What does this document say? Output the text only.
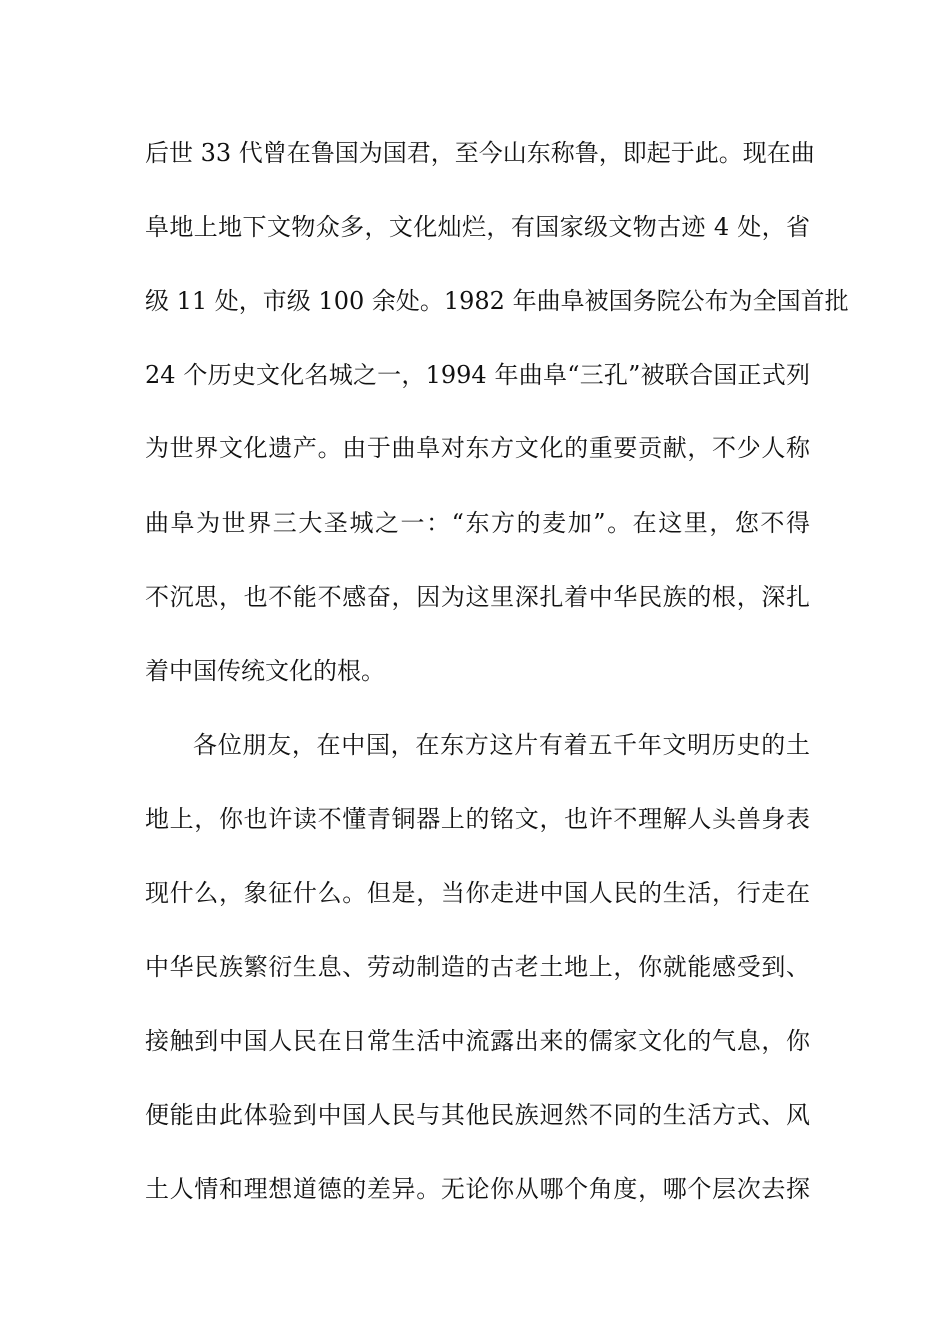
后世 33 代曾在鲁国为国君，至今山东称鲁，即起于此。现在曲
阜地上地下文物众多，文化灿烂，有国家级文物古迹 4 处，省
级 11 处，市级 100 余处。1982 年曲阜被国务院公布为全国首批
24 个历史文化名城之一，1994 年曲阜“三孔”被联合国正式列
为世界文化遗产。由于曲阜对东方文化的重要贡献，不少人称
曲阜为世界三大圣城之一：“东方的麦加”。在这里，您不得
不沉思，也不能不感奋，因为这里深扎着中华民族的根，深扎
着中国传统文化的根。
各位朋友，在中国，在东方这片有着五千年文明历史的土
地上，你也许读不懂青铜器上的铭文，也许不理解人头兽身表
现什么，象征什么。但是，当你走进中国人民的生活，行走在
中华民族繁衍生息、劳动制造的古老土地上，你就能感受到、
接触到中国人民在日常生活中流露出来的儒家文化的气息，你
便能由此体验到中国人民与其他民族迥然不同的生活方式、风
土人情和理想道德的差异。无论你从哪个角度，哪个层次去探
